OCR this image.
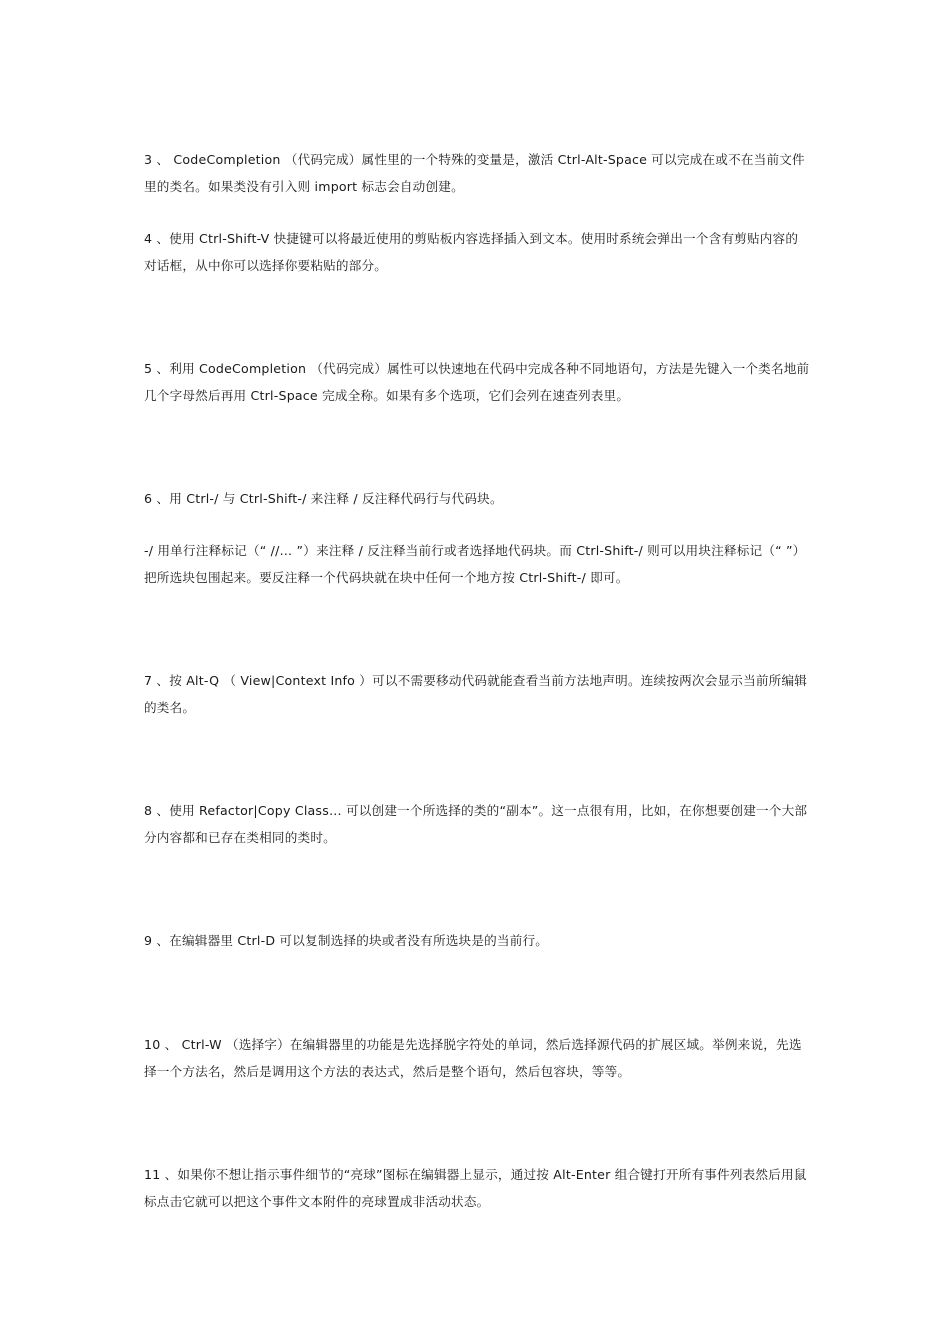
3 、 CodeCompletion （代码完成）属性里的一个特殊的变量是，激活 Ctrl-Alt-Space 可以完成在或不在当前文件里的类名。如果类没有引入则 import 标志会自动创建。

4 、使用 Ctrl-Shift-V 快捷键可以将最近使用的剪贴板内容选择插入到文本。使用时系统会弹出一个含有剪贴内容的对话框，从中你可以选择你要粘贴的部分。

5 、利用 CodeCompletion （代码完成）属性可以快速地在代码中完成各种不同地语句，方法是先键入一个类名地前几个字母然后再用 Ctrl-Space 完成全称。如果有多个选项，它们会列在速查列表里。

6 、用 Ctrl-/ 与 Ctrl-Shift-/ 来注释 / 反注释代码行与代码块。

-/ 用单行注释标记（“ //… ”）来注释 / 反注释当前行或者选择地代码块。而 Ctrl-Shift-/ 则可以用块注释标记（“ ”）把所选块包围起来。要反注释一个代码块就在块中任何一个地方按 Ctrl-Shift-/ 即可。

7 、按 Alt-Q （ View|Context Info ）可以不需要移动代码就能查看当前方法地声明。连续按两次会显示当前所编辑的类名。

8 、使用 Refactor|Copy Class… 可以创建一个所选择的类的“副本”。这一点很有用，比如，在你想要创建一个大部分内容都和已存在类相同的类时。

9 、在编辑器里 Ctrl-D 可以复制选择的块或者没有所选块是的当前行。

10 、 Ctrl-W （选择字）在编辑器里的功能是先选择脱字符处的单词，然后选择源代码的扩展区域。举例来说，先选择一个方法名，然后是调用这个方法的表达式，然后是整个语句，然后包容块，等等。

11 、如果你不想让指示事件细节的“亮球”图标在编辑器上显示，通过按 Alt-Enter 组合键打开所有事件列表然后用鼠标点击它就可以把这个事件文本附件的亮球置成非活动状态。
